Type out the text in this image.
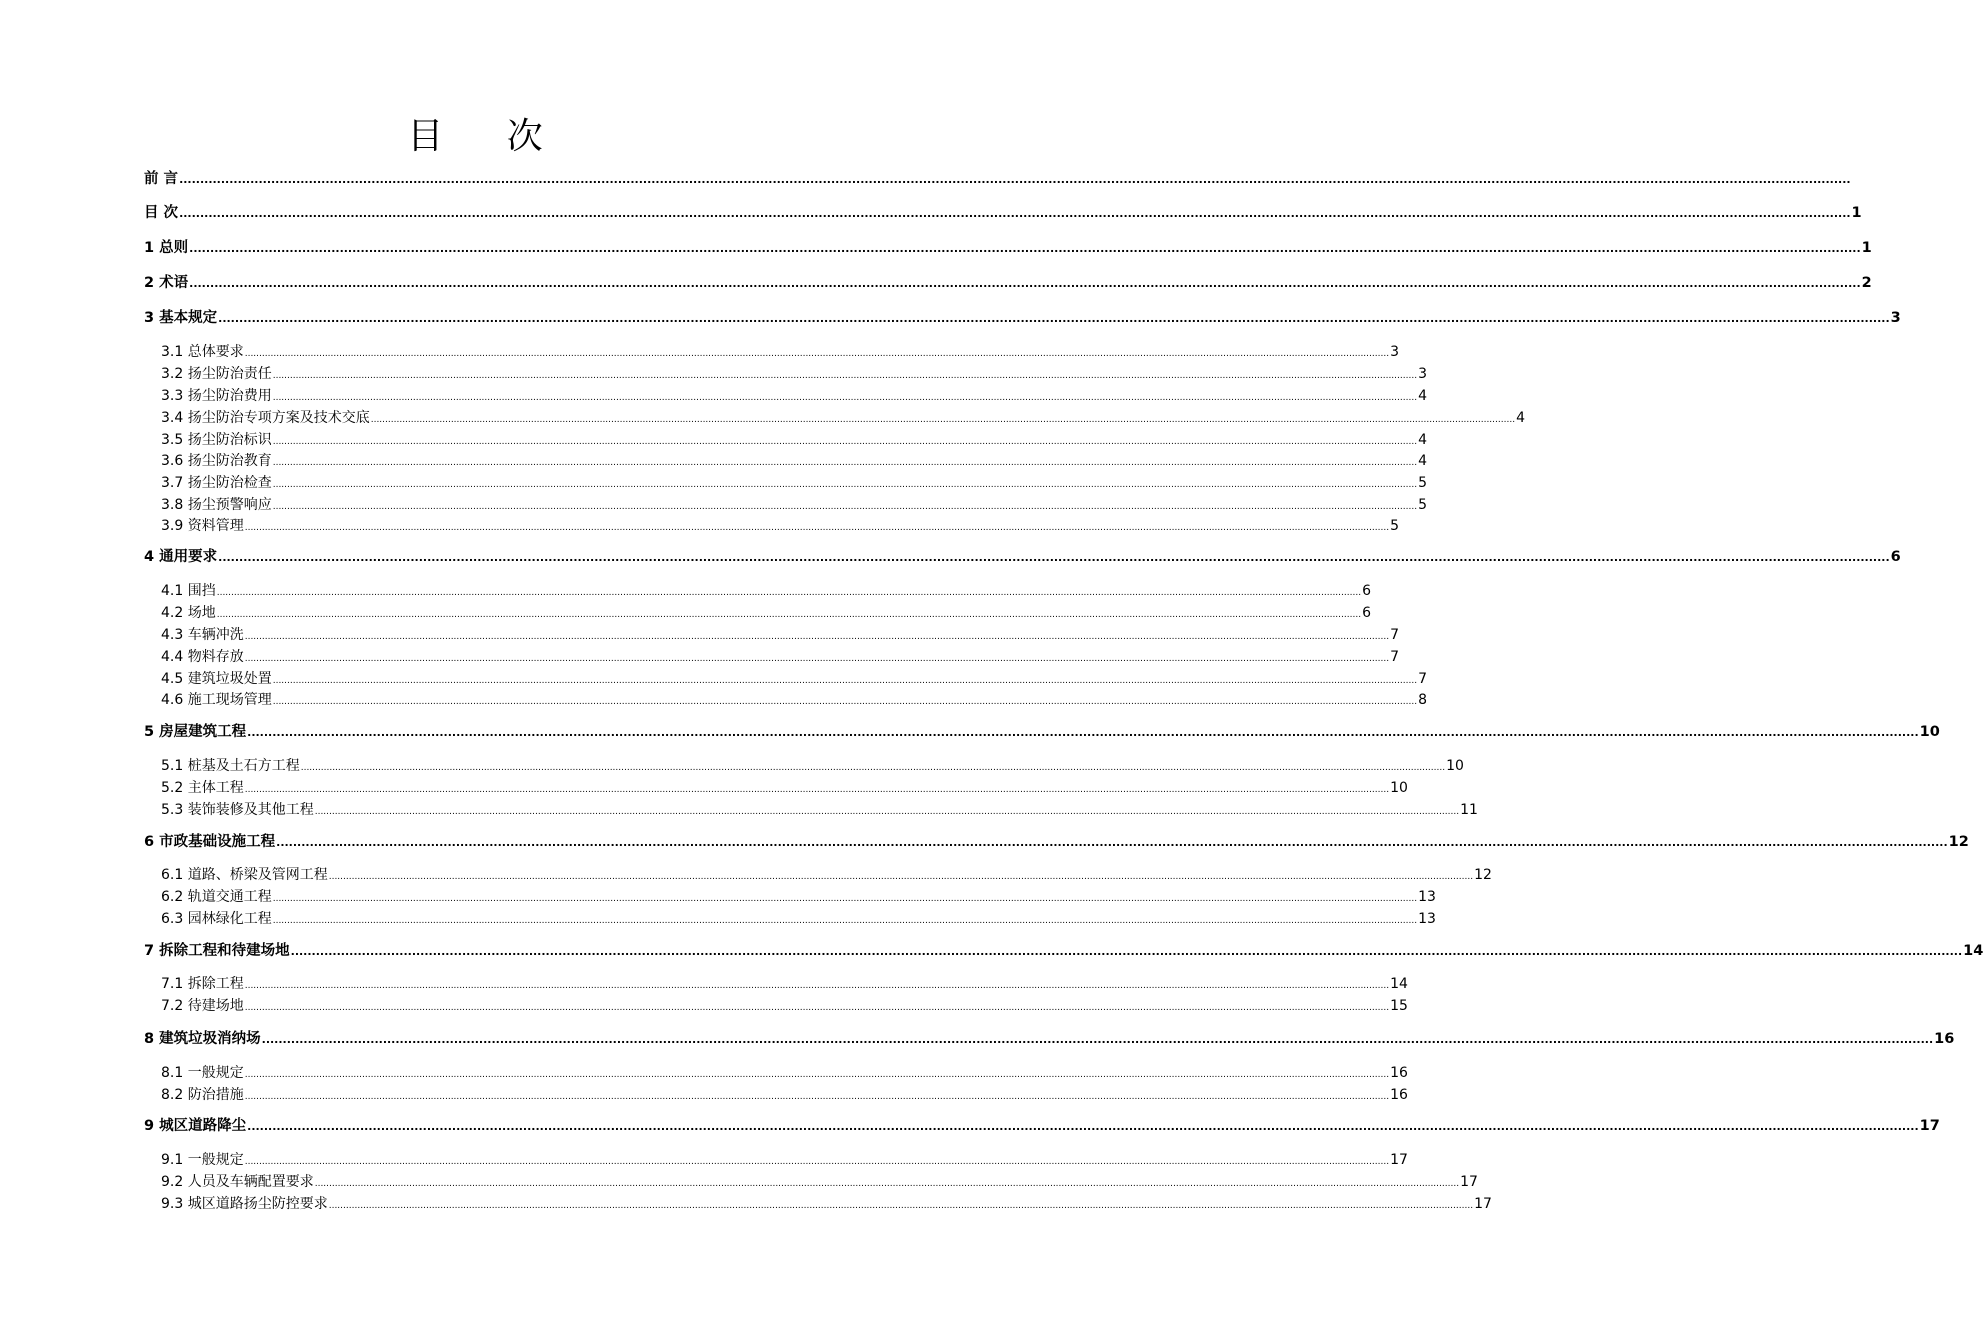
目 次
前 言 ................................................................................................................................................................................................................................................................................................................................................................................................................
目 次 ................................................................................................................................................................................................................................................................................................................................................................................................................ 1
1 总则 ................................................................................................................................................................................................................................................................................................................................................................................................................ 1
2 术语 ................................................................................................................................................................................................................................................................................................................................................................................................................ 2
3 基本规定 ................................................................................................................................................................................................................................................................................................................................................................................................................ 3
3.1 总体要求 ................................................................................................................................................................................................................................................................................................................................................................................................................ 3
3.2 扬尘防治责任 ................................................................................................................................................................................................................................................................................................................................................................................................................ 3
3.3 扬尘防治费用 ................................................................................................................................................................................................................................................................................................................................................................................................................ 4
3.4 扬尘防治专项方案及技术交底 ................................................................................................................................................................................................................................................................................................................................................................................................................ 4
3.5 扬尘防治标识 ................................................................................................................................................................................................................................................................................................................................................................................................................ 4
3.6 扬尘防治教育 ................................................................................................................................................................................................................................................................................................................................................................................................................ 4
3.7 扬尘防治检查 ................................................................................................................................................................................................................................................................................................................................................................................................................ 5
3.8 扬尘预警响应 ................................................................................................................................................................................................................................................................................................................................................................................................................ 5
3.9 资料管理 ................................................................................................................................................................................................................................................................................................................................................................................................................ 5
4 通用要求 ................................................................................................................................................................................................................................................................................................................................................................................................................ 6
4.1 围挡 ................................................................................................................................................................................................................................................................................................................................................................................................................ 6
4.2 场地 ................................................................................................................................................................................................................................................................................................................................................................................................................ 6
4.3 车辆冲洗 ................................................................................................................................................................................................................................................................................................................................................................................................................ 7
4.4 物料存放 ................................................................................................................................................................................................................................................................................................................................................................................................................ 7
4.5 建筑垃圾处置 ................................................................................................................................................................................................................................................................................................................................................................................................................ 7
4.6 施工现场管理 ................................................................................................................................................................................................................................................................................................................................................................................................................ 8
5 房屋建筑工程 ................................................................................................................................................................................................................................................................................................................................................................................................................ 10
5.1 桩基及土石方工程 ................................................................................................................................................................................................................................................................................................................................................................................................................ 10
5.2 主体工程 ................................................................................................................................................................................................................................................................................................................................................................................................................ 10
5.3 装饰装修及其他工程 ................................................................................................................................................................................................................................................................................................................................................................................................................ 11
6 市政基础设施工程 ................................................................................................................................................................................................................................................................................................................................................................................................................ 12
6.1 道路、桥梁及管网工程 ................................................................................................................................................................................................................................................................................................................................................................................................................ 12
6.2 轨道交通工程 ................................................................................................................................................................................................................................................................................................................................................................................................................ 13
6.3 园林绿化工程 ................................................................................................................................................................................................................................................................................................................................................................................................................ 13
7 拆除工程和待建场地 ................................................................................................................................................................................................................................................................................................................................................................................................................ 14
7.1 拆除工程 ................................................................................................................................................................................................................................................................................................................................................................................................................ 14
7.2 待建场地 ................................................................................................................................................................................................................................................................................................................................................................................................................ 15
8 建筑垃圾消纳场 ................................................................................................................................................................................................................................................................................................................................................................................................................ 16
8.1 一般规定 ................................................................................................................................................................................................................................................................................................................................................................................................................ 16
8.2 防治措施 ................................................................................................................................................................................................................................................................................................................................................................................................................ 16
9 城区道路降尘 ................................................................................................................................................................................................................................................................................................................................................................................................................ 17
9.1 一般规定 ................................................................................................................................................................................................................................................................................................................................................................................................................ 17
9.2 人员及车辆配置要求 ................................................................................................................................................................................................................................................................................................................................................................................................................ 17
9.3 城区道路扬尘防控要求 ................................................................................................................................................................................................................................................................................................................................................................................................................ 17
